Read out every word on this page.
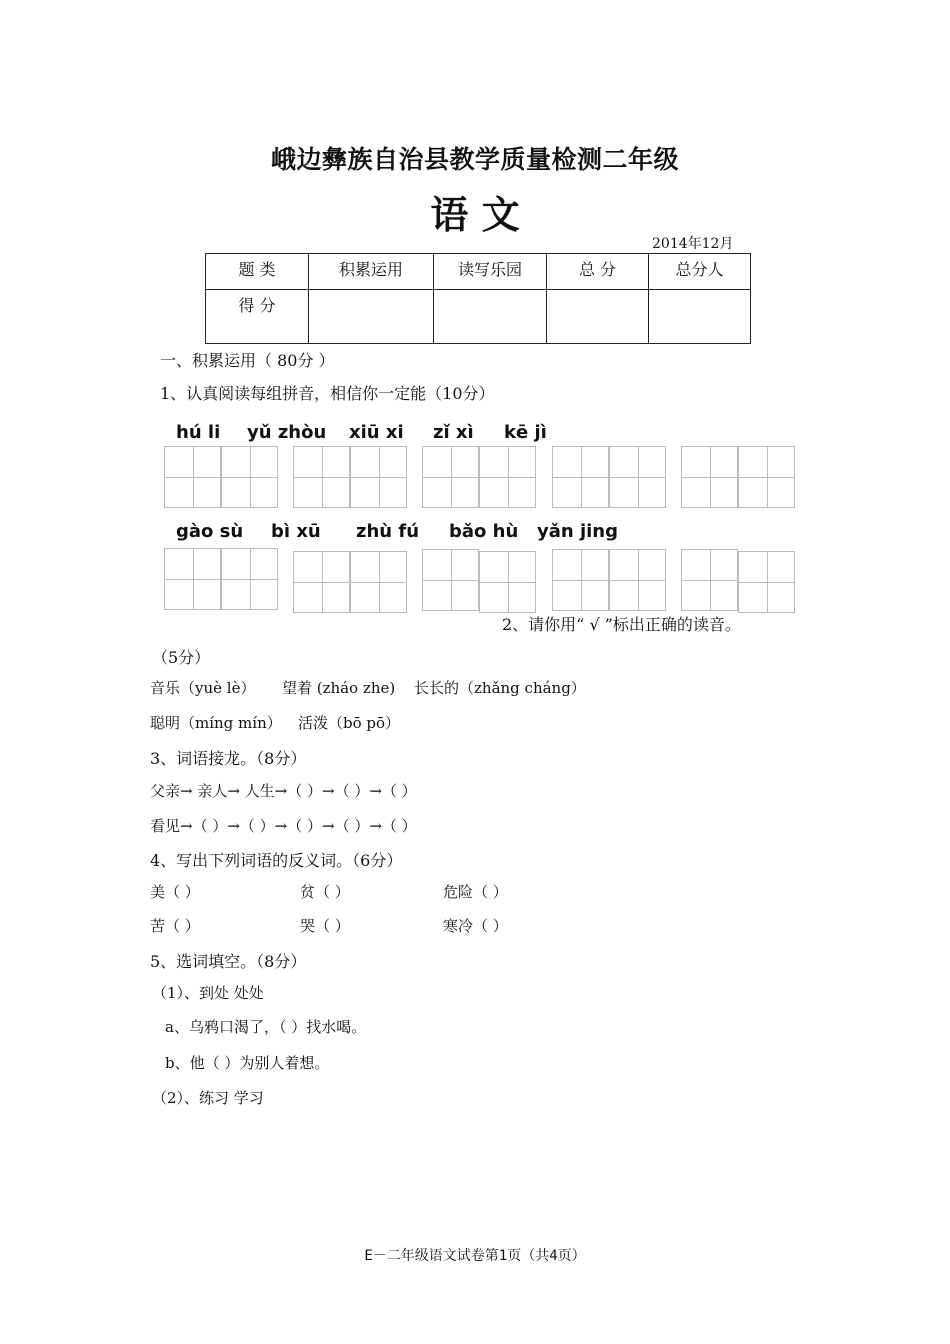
峨边彝族自治县教学质量检测二年级
语 文
2014年12月
题 类	积累运用	读写乐园	总 分	总分人

得 分				

一、积累运用（ 80分 ）
1、认真阅读每组拼音，相信你一定能（10分）
hú li yǔ zhòu xiū xi zǐ xì kē jì
gào sù bì xū zhù fú bǎo hù yǎn jing
2、请你用“ √ ”标出正确的读音。
（5分）
音乐（yuè lè） 望着 (zháo zhe) 长长的（zhǎng cháng）
聪明（míng mín） 活泼（bō pō）
3、词语接龙。（8分）
父亲→ 亲人→ 人生→（ ）→（ ）→（ ）
看见→（ ）→（ ）→（ ）→（ ）→（ ）
4、写出下列词语的反义词。（6分）
美（ ）	贫（ ）	危险（ ）
苦（ ）	哭（ ）	寒冷（ ）
5、选词填空。（8分）
（1）、到处 处处
a、乌鸦口渴了，（ ）找水喝。
b、他（ ）为别人着想。
（2）、练习 学习
E－二年级语文试卷第1页（共4页）
